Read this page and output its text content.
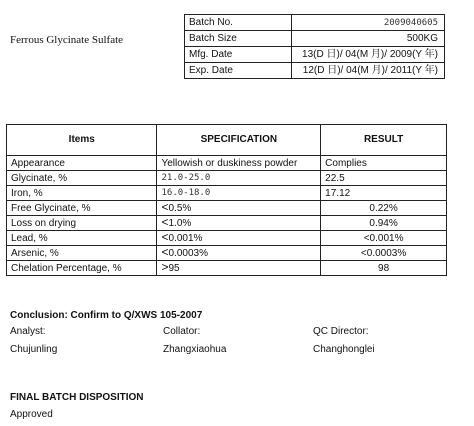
Ferrous Glycinate Sulfate
Batch No.	2009040605
Batch Size	500KG
Mfg. Date	13(D 日)/ 04(M 月)/ 2009(Y 年)
Exp. Date	12(D 日)/ 04(M 月)/ 2011(Y 年)
Items	SPECIFICATION	RESULT
Appearance	Yellowish or duskiness powder	Complies
Glycinate, %	21.0-25.0	22.5
Iron, %	16.0-18.0	17.12
Free Glycinate, %	<0.5%	0.22%
Loss on drying	<1.0%	0.94%
Lead, %	<0.001%	<0.001%
Arsenic, %	<0.0003%	<0.0003%
Chelation Percentage, %	>95	98
Conclusion: Confirm to Q/XWS 105-2007
Analyst:
Chujunling
Collator:
Zhangxiaohua
QC Director:
Changhonglei
FINAL BATCH DISPOSITION
Approved
